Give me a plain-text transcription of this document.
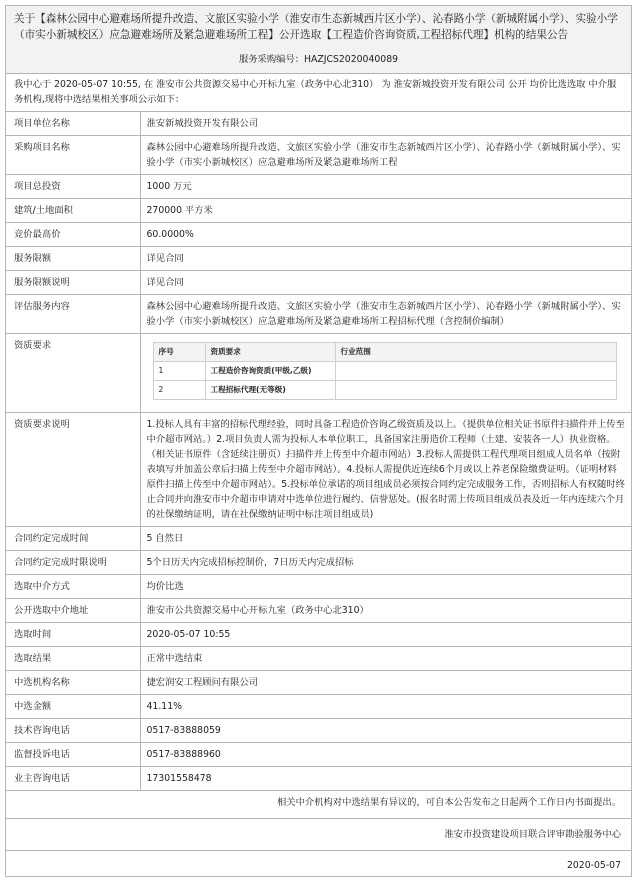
关于【森林公园中心避难场所提升改造、文旅区实验小学（淮安市生态新城西片区小学）、沁春路小学（新城附属小学）、实验小学（市实小新城校区）应急避难场所及紧急避难场所工程】公开选取【工程造价咨询资质,工程招标代理】机构的结果公告
服务采购编号：HAZJCS2020040089
我中心于 2020-05-07 10:55, 在 淮安市公共资源交易中心开标九室（政务中心北310） 为 淮安新城投资开发有限公司 公开 均价比选选取 中介服务机构,现将中选结果相关事项公示如下：
项目单位名称	淮安新城投资开发有限公司
采购项目名称	森林公园中心避难场所提升改造、文旅区实验小学（淮安市生态新城西片区小学）、沁春路小学（新城附属小学）、实验小学（市实小新城校区）应急避难场所及紧急避难场所工程
项目总投资	1000 万元
建筑/土地面积	270000 平方米
竞价最高价	60.0000%
服务限额	详见合同
服务限额说明	详见合同
评估服务内容	森林公园中心避难场所提升改造、文旅区实验小学（淮安市生态新城西片区小学）、沁春路小学（新城附属小学）、实验小学（市实小新城校区）应急避难场所及紧急避难场所工程招标代理（含控制价编制）
资质要求	
序号	资质要求	行业范围
1	工程造价咨询资质(甲级,乙级)	
2	工程招标代理(无等级)	

资质要求说明	1.投标人具有丰富的招标代理经验，同时具备工程造价咨询乙级资质及以上。（提供单位相关证书原件扫描件并上传至中介超市网站。）2.项目负责人需为投标人本单位职工，具备国家注册造价工程师（土建、安装各一人）执业资格。（相关证书原件（含延续注册页）扫描件并上传至中介超市网站）3.投标人需提供工程代理项目组成人员名单（按附表填写并加盖公章后扫描上传至中介超市网站）。4.投标人需提供近连续6个月或以上养老保险缴费证明。（证明材料原件扫描上传至中介超市网站）。5.投标单位承诺的项目组成员必须按合同约定完成服务工作，否则招标人有权随时终止合同并向淮安市中介超市申请对中选单位进行履约、信誉惩处。(报名时需上传项目组成员表及近一年内连续六个月的社保缴纳证明，请在社保缴纳证明中标注项目组成员)
合同约定完成时间	5 自然日
合同约定完成时限说明	5个日历天内完成招标控制价，7日历天内完成招标
选取中介方式	均价比选
公开选取中介地址	淮安市公共资源交易中心开标九室（政务中心北310）
选取时间	2020-05-07 10:55
选取结果	正常中选结束
中选机构名称	捷宏润安工程顾问有限公司
中选金额	41.11%
技术咨询电话	0517-83888059
监督投诉电话	0517-83888960
业主咨询电话	17301558478
相关中介机构对中选结果有异议的，可自本公告发布之日起两个工作日内书面提出。
淮安市投资建设项目联合评审勘验服务中心
2020-05-07
